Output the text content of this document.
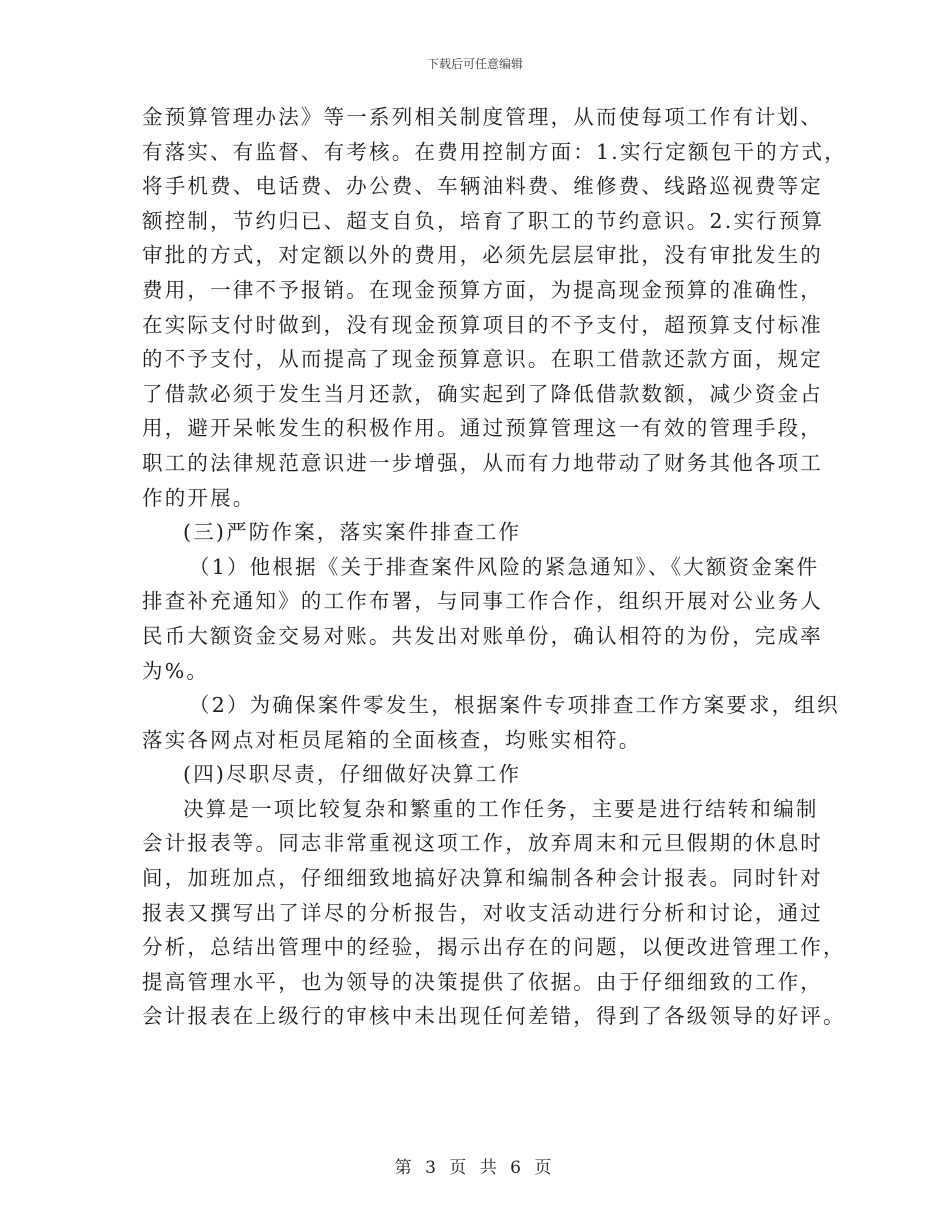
下载后可任意编辑
金预算管理办法》等一系列相关制度管理，从而使每项工作有计划、
有落实、有监督、有考核。在费用控制方面：1.实行定额包干的方式，
将手机费、电话费、办公费、车辆油料费、维修费、线路巡视费等定
额控制，节约归已、超支自负，培育了职工的节约意识。2.实行预算
审批的方式，对定额以外的费用，必须先层层审批，没有审批发生的
费用，一律不予报销。在现金预算方面，为提高现金预算的准确性，
在实际支付时做到，没有现金预算项目的不予支付，超预算支付标准
的不予支付，从而提高了现金预算意识。在职工借款还款方面，规定
了借款必须于发生当月还款，确实起到了降低借款数额，减少资金占
用，避开呆帐发生的积极作用。通过预算管理这一有效的管理手段，
职工的法律规范意识进一步增强，从而有力地带动了财务其他各项工
作的开展。
(三)严防作案，落实案件排查工作
（1）他根据《关于排查案件风险的紧急通知》、《大额资金案件
排查补充通知》的工作布署，与同事工作合作，组织开展对公业务人
民币大额资金交易对账。共发出对账单份，确认相符的为份，完成率
为%。
（2）为确保案件零发生，根据案件专项排查工作方案要求，组织
落实各网点对柜员尾箱的全面核查，均账实相符。
(四)尽职尽责，仔细做好决算工作
决算是一项比较复杂和繁重的工作任务，主要是进行结转和编制
会计报表等。同志非常重视这项工作，放弃周末和元旦假期的休息时
间，加班加点，仔细细致地搞好决算和编制各种会计报表。同时针对
报表又撰写出了详尽的分析报告，对收支活动进行分析和讨论，通过
分析，总结出管理中的经验，揭示出存在的问题，以便改进管理工作，
提高管理水平，也为领导的决策提供了依据。由于仔细细致的工作，
会计报表在上级行的审核中未出现任何差错，得到了各级领导的好评。
第 3 页 共 6 页
